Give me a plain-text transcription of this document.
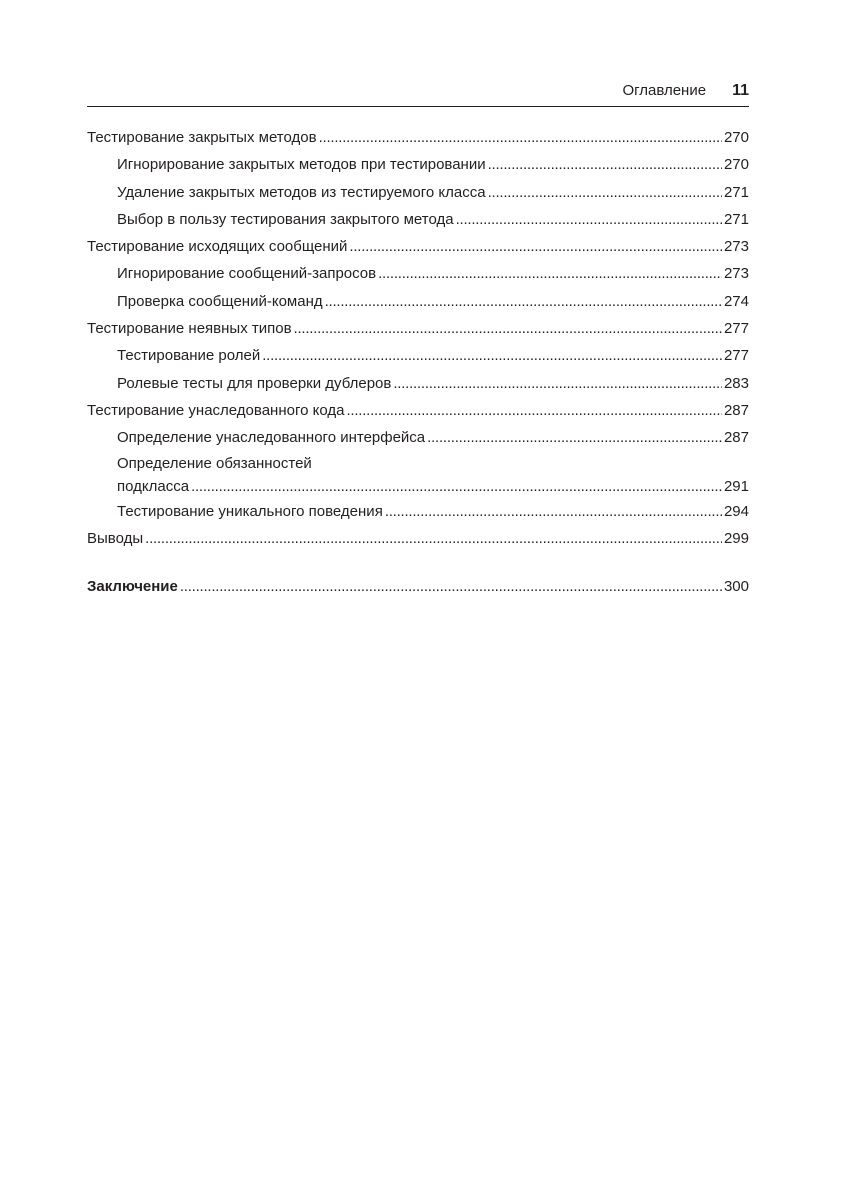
Оглавление 11
Тестирование закрытых методов . . .	270
Игнорирование закрытых методов при тестировании . . .	270
Удаление закрытых методов из тестируемого класса . . .	271
Выбор в пользу тестирования закрытого метода . . .	271
Тестирование исходящих сообщений . . .	273
Игнорирование сообщений-запросов . . .	273
Проверка сообщений-команд . . .	274
Тестирование неявных типов . . .	277
Тестирование ролей . . .	277
Ролевые тесты для проверки дублеров . . .	283
Тестирование унаследованного кода . . .	287
Определение унаследованного интерфейса . . .	287
Определение обязанностей
подкласса . . .	291
Тестирование уникального поведения . . .	294
Выводы . . .	299
Заключение . . .	300
